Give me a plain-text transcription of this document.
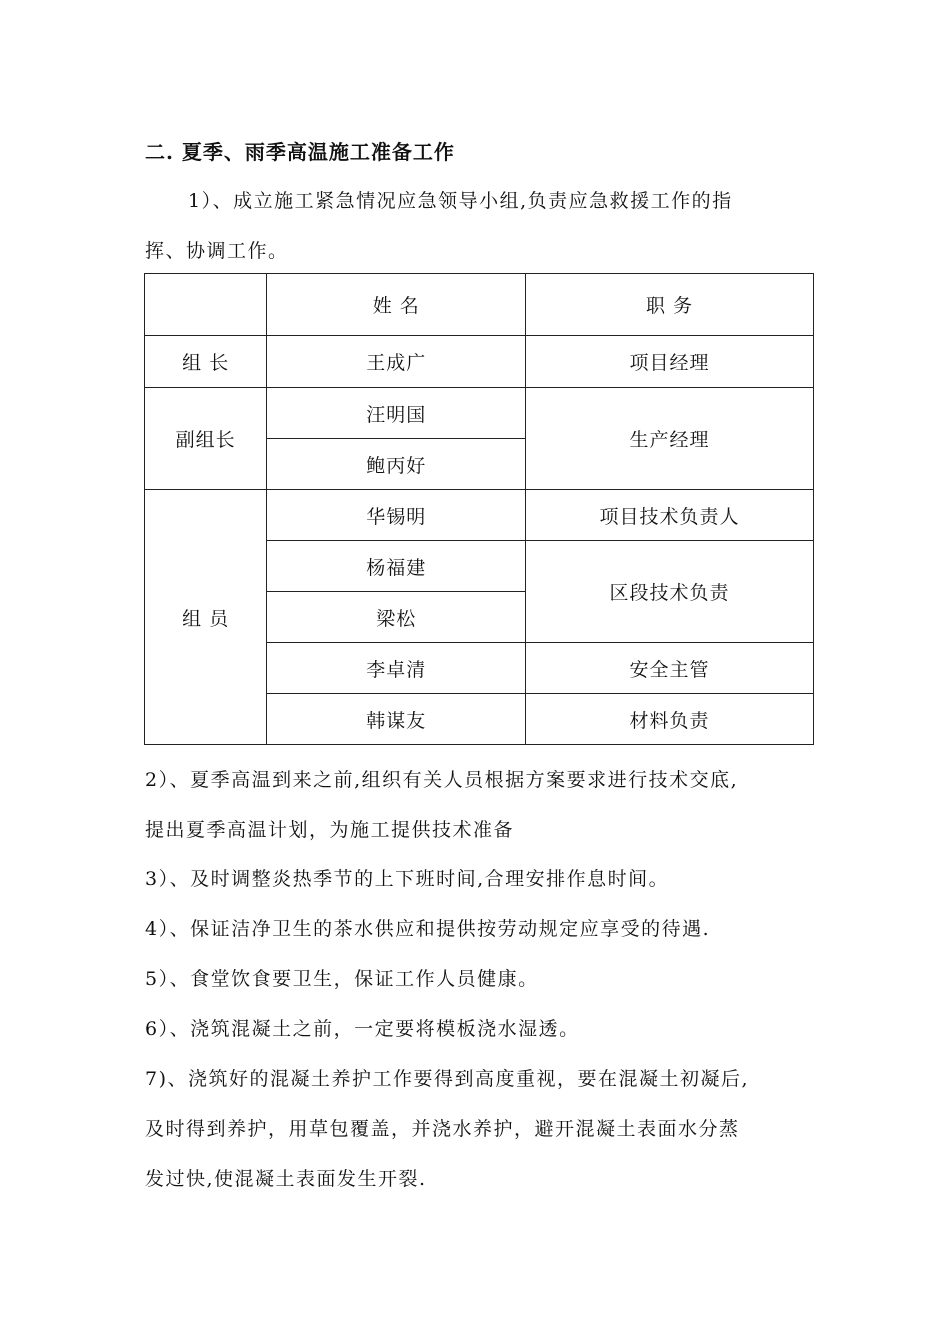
二. 夏季、雨季高温施工准备工作
1）、成立施工紧急情况应急领导小组,负责应急救援工作的指
挥、协调工作。
	姓 名	职 务
组 长	王成广	项目经理
副组长	汪明国	生产经理
	鲍丙好	
组 员	华锡明	项目技术负责人
	杨福建	区段技术负责
	梁松	
	李卓清	安全主管
	韩谋友	材料负责
2）、夏季高温到来之前,组织有关人员根据方案要求进行技术交底,
提出夏季高温计划，为施工提供技术准备
3）、及时调整炎热季节的上下班时间,合理安排作息时间。
4）、保证洁净卫生的茶水供应和提供按劳动规定应享受的待遇.
5）、食堂饮食要卫生，保证工作人员健康。
6）、浇筑混凝土之前，一定要将模板浇水湿透。
7)、浇筑好的混凝土养护工作要得到高度重视，要在混凝土初凝后,
及时得到养护，用草包覆盖，并浇水养护，避开混凝土表面水分蒸
发过快,使混凝土表面发生开裂.
